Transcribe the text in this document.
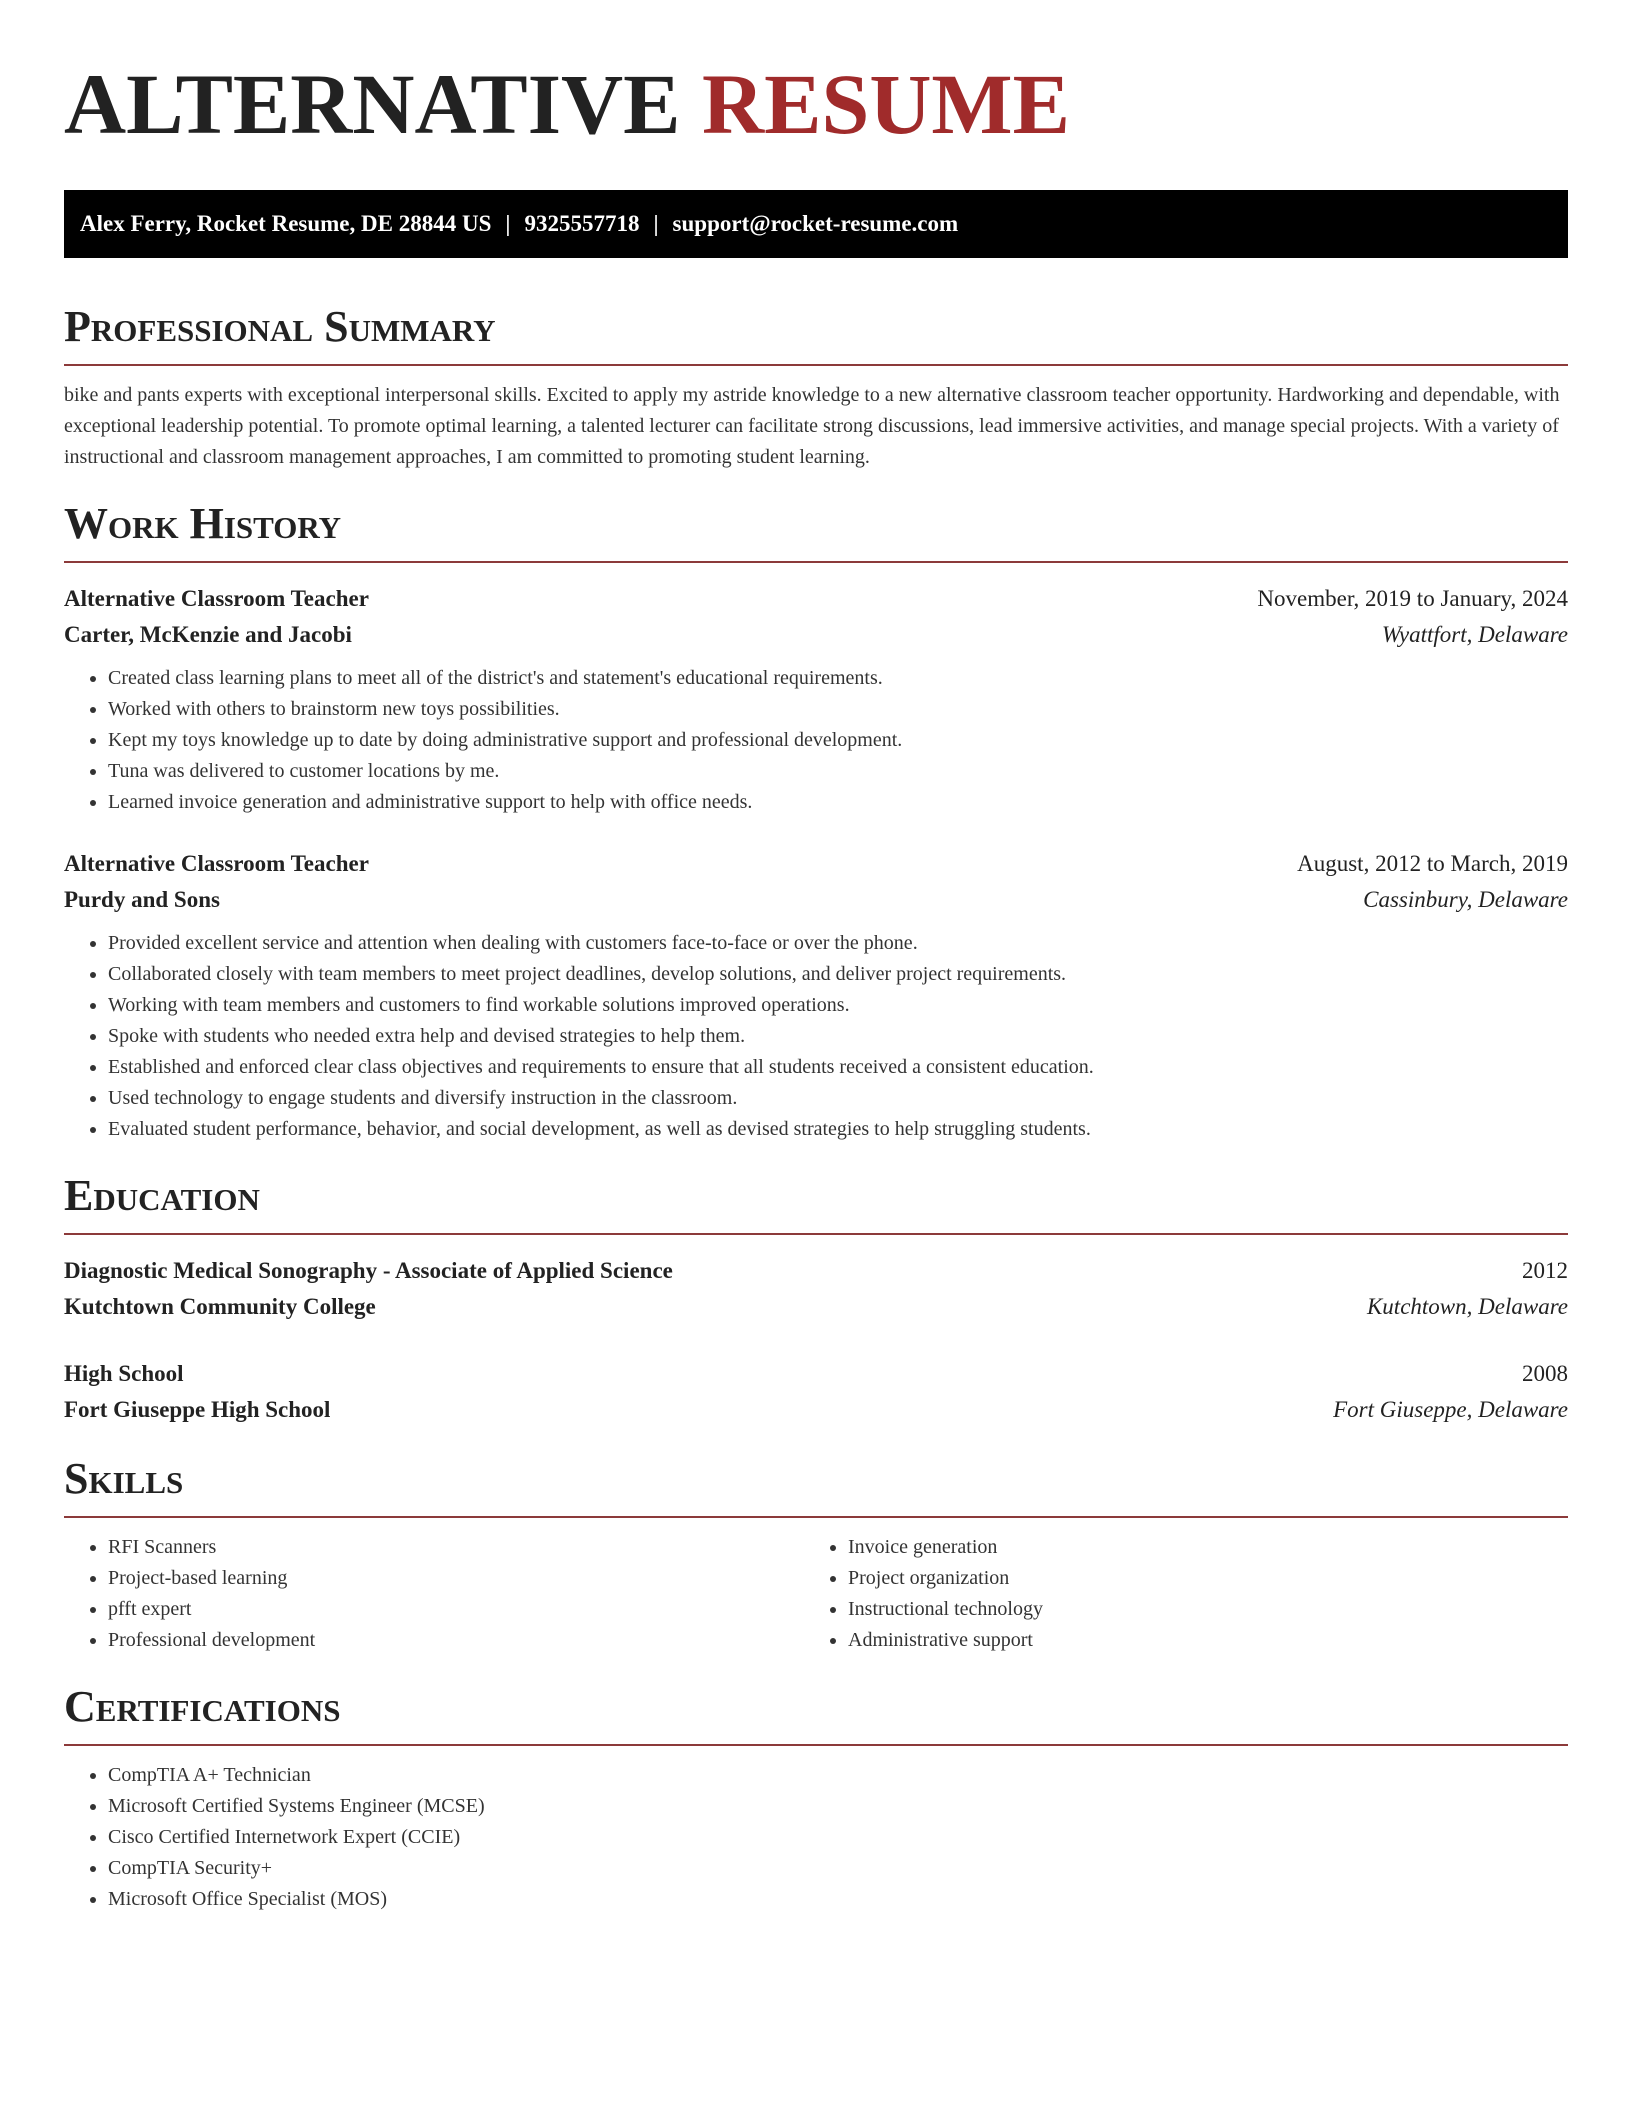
ALTERNATIVE RESUME
Alex Ferry, Rocket Resume, DE 28844 US | 9325557718 | support@rocket-resume.com
Professional Summary

bike and pants experts with exceptional interpersonal skills. Excited to apply my astride knowledge to a new alternative classroom teacher opportunity. Hardworking and dependable, with exceptional leadership potential. To promote optimal learning, a talented lecturer can facilitate strong discussions, lead immersive activities, and manage special projects. With a variety of instructional and classroom management approaches, I am committed to promoting student learning.

Work History
Alternative Classroom Teacher	November, 2019 to January, 2024
Carter, McKenzie and Jacobi	Wyattfort, Delaware
• Created class learning plans to meet all of the district's and statement's educational requirements.
• Worked with others to brainstorm new toys possibilities.
• Kept my toys knowledge up to date by doing administrative support and professional development.
• Tuna was delivered to customer locations by me.
• Learned invoice generation and administrative support to help with office needs.
Alternative Classroom Teacher	August, 2012 to March, 2019
Purdy and Sons	Cassinbury, Delaware
• Provided excellent service and attention when dealing with customers face-to-face or over the phone.
• Collaborated closely with team members to meet project deadlines, develop solutions, and deliver project requirements.
• Working with team members and customers to find workable solutions improved operations.
• Spoke with students who needed extra help and devised strategies to help them.
• Established and enforced clear class objectives and requirements to ensure that all students received a consistent education.
• Used technology to engage students and diversify instruction in the classroom.
• Evaluated student performance, behavior, and social development, as well as devised strategies to help struggling students.
Education
Diagnostic Medical Sonography - Associate of Applied Science	2012
Kutchtown Community College	Kutchtown, Delaware
High School	2008
Fort Giuseppe High School	Fort Giuseppe, Delaware
Skills
• RFI Scanners
• Project-based learning
• pfft expert
• Professional development
• Invoice generation
• Project organization
• Instructional technology
• Administrative support
Certifications
• CompTIA A+ Technician
• Microsoft Certified Systems Engineer (MCSE)
• Cisco Certified Internetwork Expert (CCIE)
• CompTIA Security+
• Microsoft Office Specialist (MOS)
